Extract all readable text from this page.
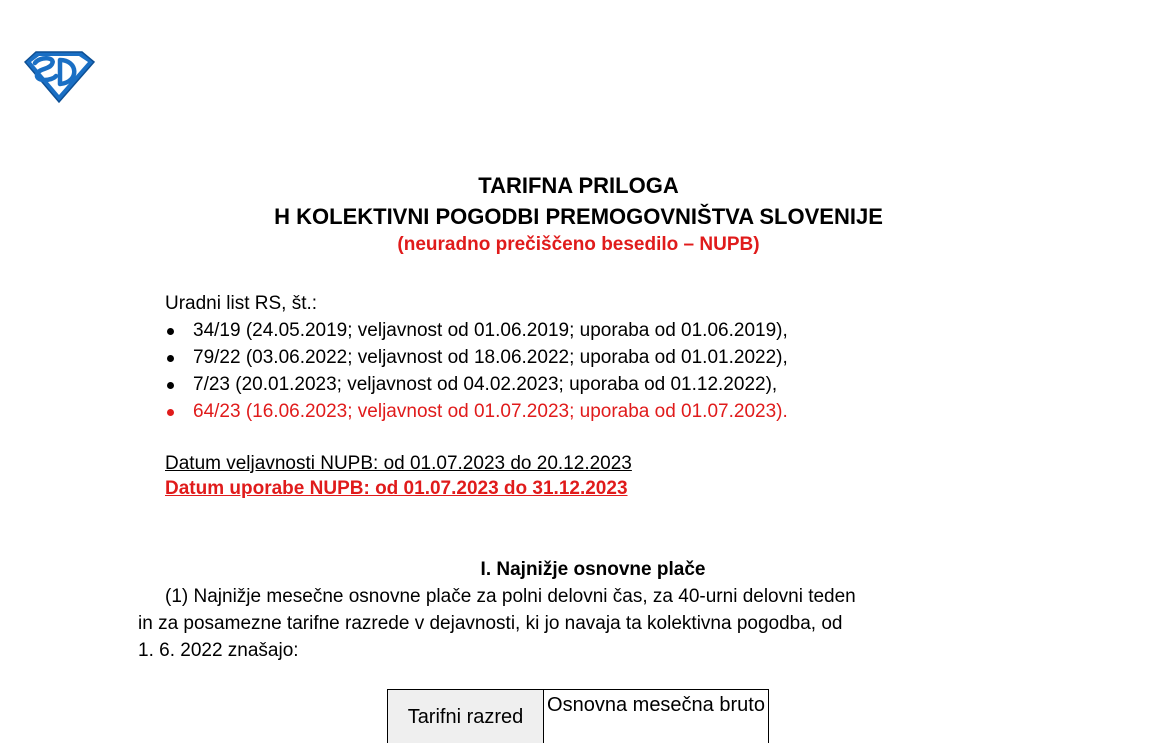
TARIFNA PRILOGA
H KOLEKTIVNI POGODBI PREMOGOVNIŠTVA SLOVENIJE
(neuradno prečiščeno besedilo – NUPB)
Uradni list RS, št.:
34/19 (24.05.2019; veljavnost od 01.06.2019; uporaba od 01.06.2019),
79/22 (03.06.2022; veljavnost od 18.06.2022; uporaba od 01.01.2022),
7/23 (20.01.2023; veljavnost od 04.02.2023; uporaba od 01.12.2022),
64/23 (16.06.2023; veljavnost od 01.07.2023; uporaba od 01.07.2023).
Datum veljavnosti NUPB: od 01.07.2023 do 20.12.2023
Datum uporabe NUPB: od 01.07.2023 do 31.12.2023
I. Najnižje osnovne plače
(1) Najnižje mesečne osnovne plače za polni delovni čas, za 40-urni delovni teden
in za posamezne tarifne razrede v dejavnosti, ki jo navaja ta kolektivna pogodba, od
1. 6. 2022 znašajo:
Tarifni razred	Osnovna mesečna bruto
